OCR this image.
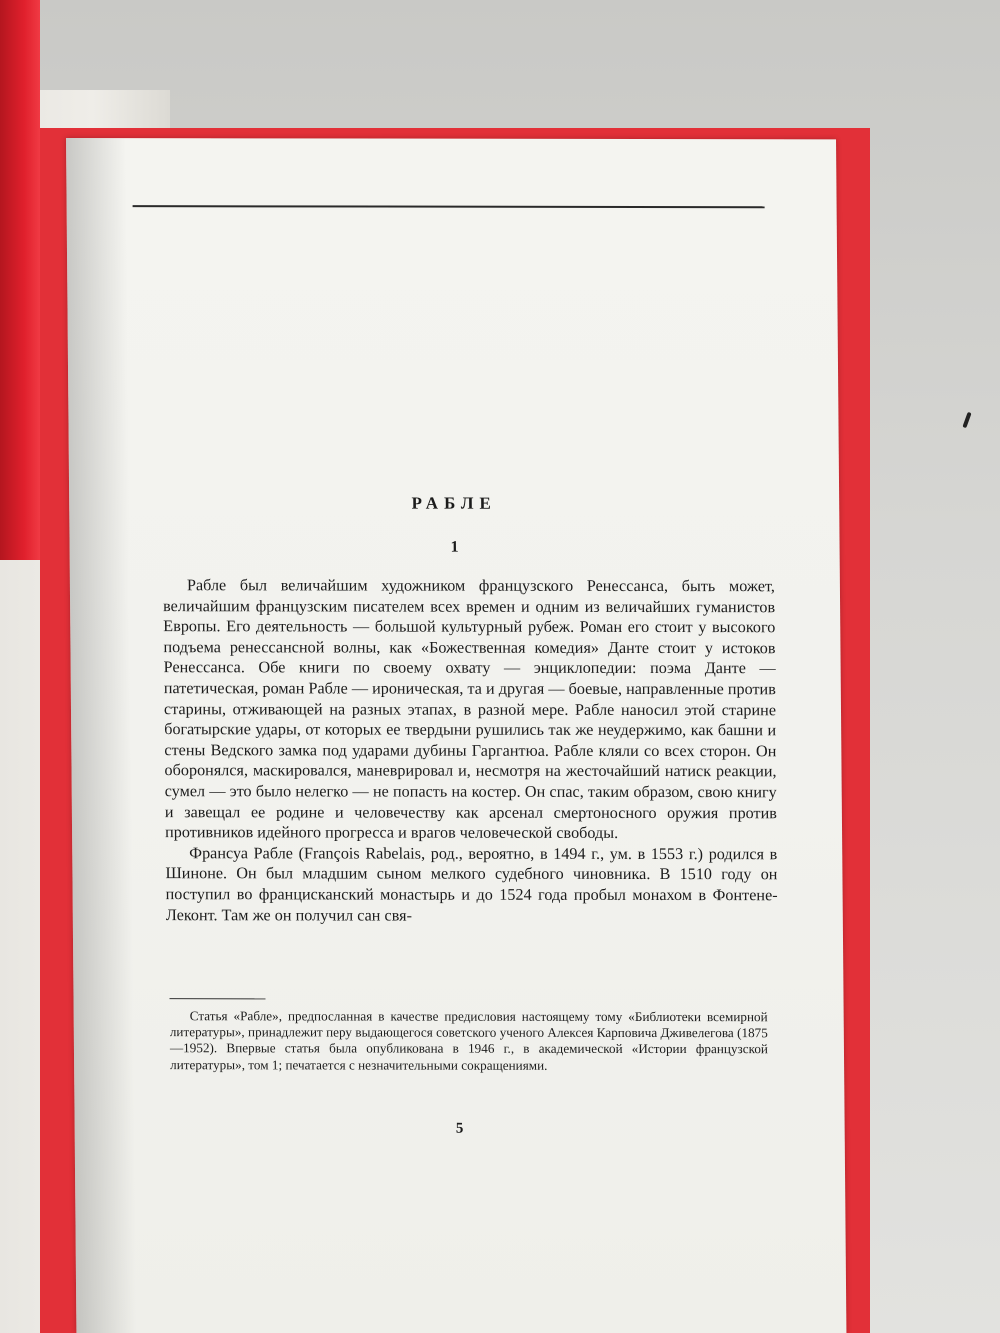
РАБЛЕ
1

Рабле был величайшим художником французского Ренессанса, быть может, величайшим французским писателем всех времен и одним из величайших гуманистов Европы. Его деятельность — большой культурный рубеж. Роман его стоит у высокого подъема ренессансной волны, как «Божественная комедия» Данте стоит у истоков Ренессанса. Обе книги по своему охвату — энциклопедии: поэма Данте — патетическая, роман Рабле — ироническая, та и другая — боевые, направленные против старины, отживающей на разных этапах, в разной мере. Рабле наносил этой старине богатырские удары, от которых ее твердыни рушились так же неудержимо, как башни и стены Ведского замка под ударами дубины Гаргантюа. Рабле кляли со всех сторон. Он оборонялся, маскировался, маневрировал и, несмотря на жесточайший натиск реакции, сумел — это было нелегко — не попасть на костер. Он спас, таким образом, свою книгу и завещал ее родине и человечеству как арсенал смертоносного оружия против противников идейного прогресса и врагов человеческой свободы.

Франсуа Рабле (François Rabelais, род., вероятно, в 1494 г., ум. в 1553 г.) родился в Шиноне. Он был младшим сыном мелкого судебного чиновника. В 1510 году он поступил во францисканский монастырь и до 1524 года пробыл монахом в Фонтене-Леконт. Там же он получил сан свя-

Статья «Рабле», предпосланная в качестве предисловия настоящему тому «Библиотеки всемирной литературы», принадлежит перу выдающегося советского ученого Алексея Карповича Дживелегова (1875—1952). Впервые статья была опубликована в 1946 г., в академической «Истории французской литературы», том 1; печатается с незначительными сокращениями.

5
